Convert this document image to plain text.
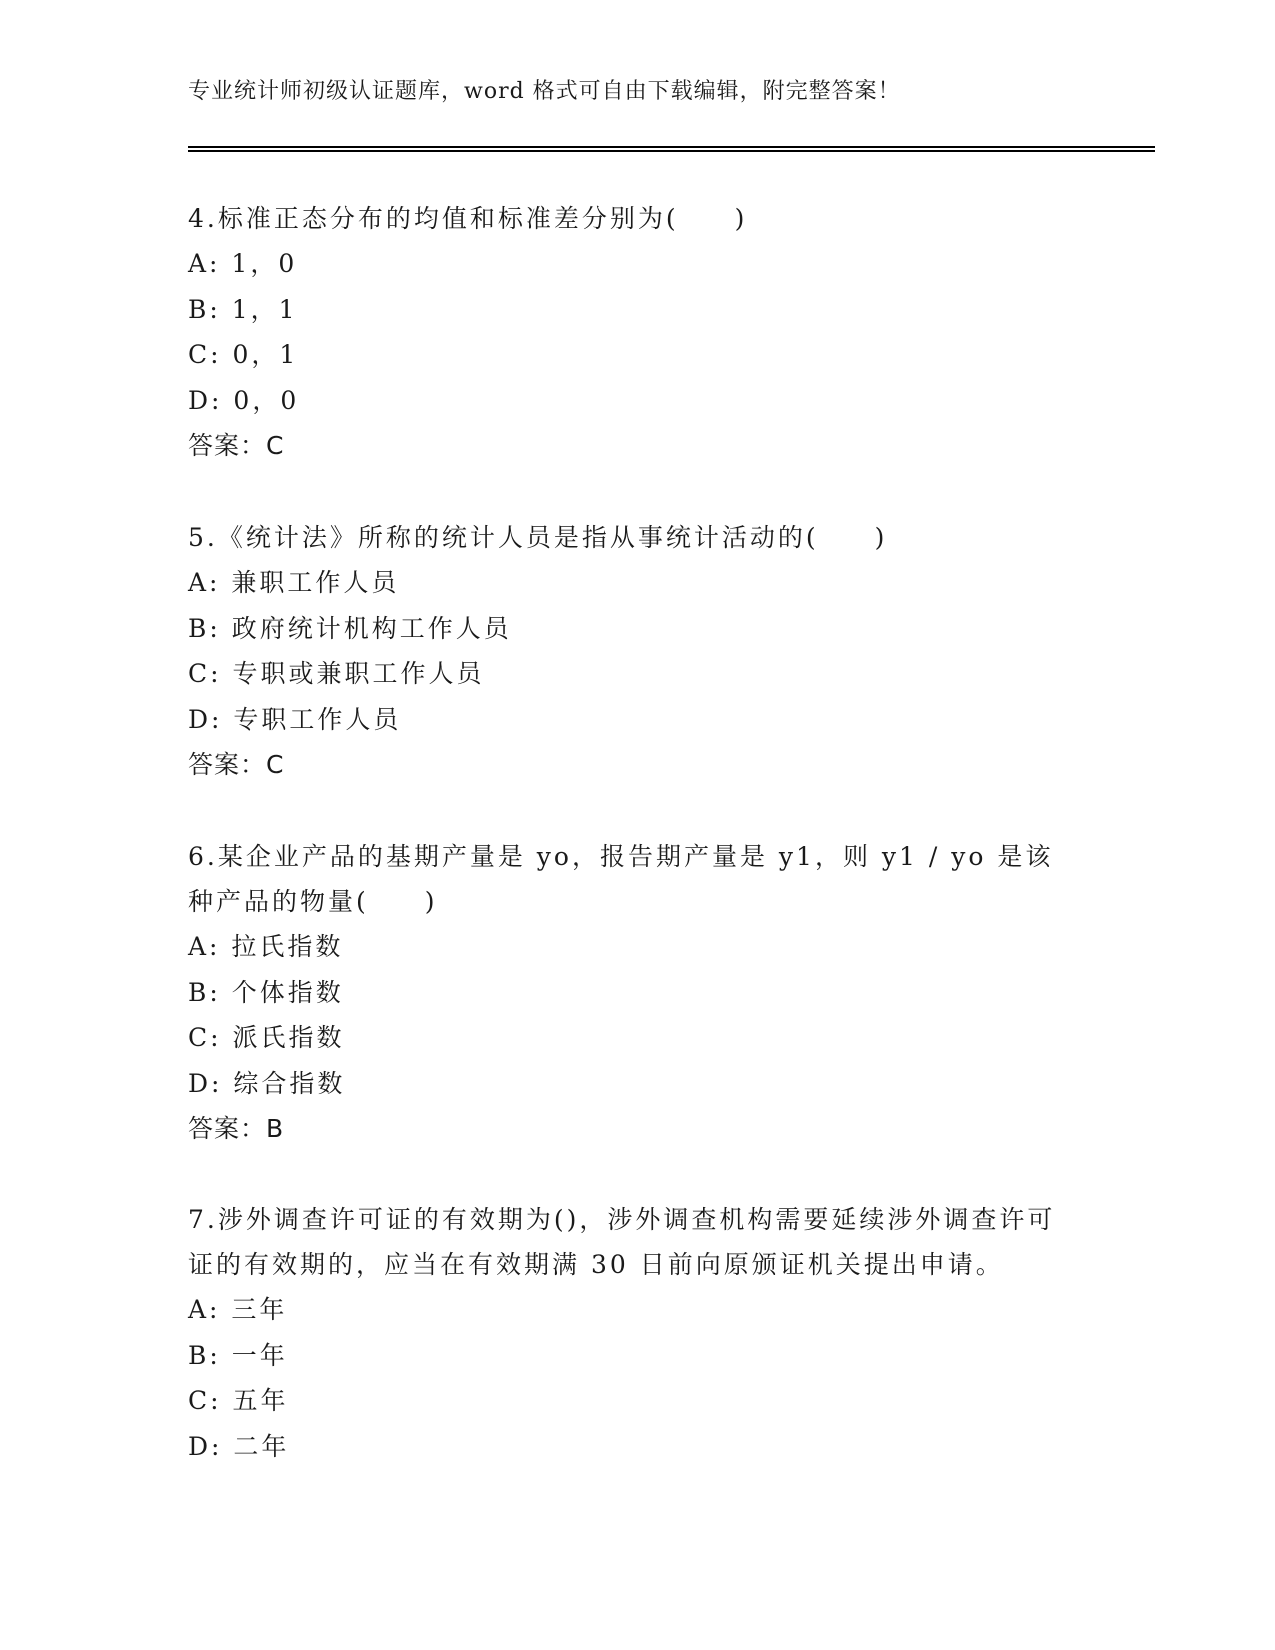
专业统计师初级认证题库，word 格式可自由下载编辑，附完整答案！

4.标准正态分布的均值和标准差分别为(　　)

A: 1，0

B: 1，1

C: 0，1

D: 0，0

答案：C

5.《统计法》所称的统计人员是指从事统计活动的(　　)

A: 兼职工作人员

B: 政府统计机构工作人员

C: 专职或兼职工作人员

D: 专职工作人员

答案：C

6.某企业产品的基期产量是 yo，报告期产量是 y1，则 y1 / yo 是该种产品的物量(　　)

A: 拉氏指数

B: 个体指数

C: 派氏指数

D: 综合指数

答案：B

7.涉外调查许可证的有效期为()，涉外调查机构需要延续涉外调查许可证的有效期的，应当在有效期满 30 日前向原颁证机关提出申请。

A: 三年

B: 一年

C: 五年

D: 二年
